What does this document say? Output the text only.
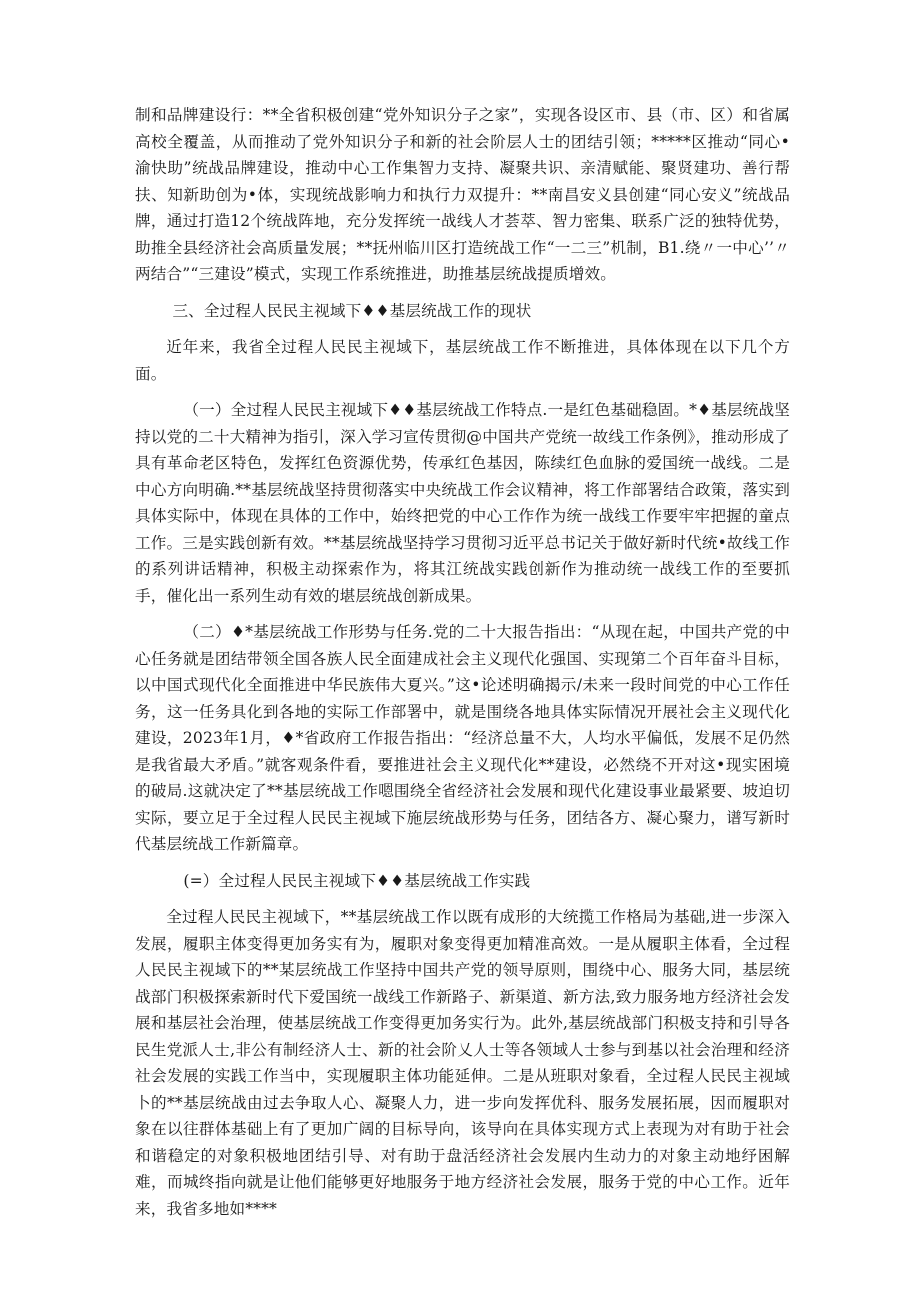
制和品牌建设行：**全省积极创建“党外知识分子之家”，实现各设区市、县（市、区）和省属高校全覆盖，从而推动了党外知识分子和新的社会阶层人士的团结引领；*****区推动“同心•渝快助”统战品牌建设，推动中心工作集智力支持、凝聚共识、亲清赋能、聚贤建功、善行帮扶、知新助创为•体，实现统战影响力和执行力双提升：**南昌安义县创建“同心安义”统战品牌，通过打造12个统战阵地，充分发挥统一战线人才荟萃、智力密集、联系广泛的独特优势，助推全县经济社会高质量发展；**抚州临川区打造统战工作“一二三”机制，B1.绕〃一中心’’〃两结合”“三建设”模式，实现工作系统推进，助推基层统战提质增效。

三、全过程人民民主视域下♦♦基层统战工作的现状

近年来，我省全过程人民民主视域下，基层统战工作不断推进，具体体现在以下几个方面。

（一）全过程人民民主视域下♦♦基层统战工作特点.一是红色基础稳固。*♦基层统战坚持以党的二十大精神为指引，深入学习宣传贯彻@中国共产党统一故线工作条例》，推动形成了具有革命老区特色，发挥红色资源优势，传承红色基因，陈续红色血脉的爱国统一战线。二是中心方向明确.**基层统战坚持贯彻落实中央统战工作会议精神，将工作部署结合政策，落实到具体实际中，体现在具体的工作中，始终把党的中心工作作为统一战线工作要牢牢把握的童点工作。三是实践创新有效。**基层统战坚持学习贯彻习近平总书记关于做好新时代统•故线工作的系列讲话精神，积极主动探索作为，将其江统战实践创新作为推动统一战线工作的至要抓手，催化出一系列生动有效的堪层统战创新成果。

（二）♦*基层统战工作形势与任务.党的二十大报告指出：“从现在起，中国共产党的中心任务就是团结带领全国各族人民全面建成社会主义现代化强国、实现第二个百年奋斗目标，以中国式现代化全面推进中华民族伟大夏兴。”这•论述明确揭示/未来一段时间党的中心工作任务，这一任务具化到各地的实际工作部署中，就是围绕各地具体实际情况开展社会主义现代化建设，2023年1月，♦*省政府工作报告指出：“经济总量不大，人均水平偏低，发展不足仍然是我省最大矛盾。”就客观条件看，要推进社会主义现代化**建设，必然绕不开对这•现实困境的破局.这就决定了**基层统战工作嗯围绕全省经济社会发展和现代化建设事业最紧要、坡迫切实际，要立足于全过程人民民主视域下施层统战形势与任务，团结各方、凝心聚力，谱写新时代基层统战工作新篇章。

(=）全过程人民民主视域下♦♦基层统战工作实践

全过程人民民主视域下，**基层统战工作以既有成形的大统揽工作格局为基础,进一步深入发展，履职主体变得更加务实有为，履职对象变得更加精准高效。一是从履职主体看，全过程人民民主视域下的**某层统战工作坚持中国共产党的领导原则，围绕中心、服务大同，基层统战部门积极探索新时代下爱国统一战线工作新路子、新渠道、新方法,致力服务地方经济社会发展和基层社会治理，使基层统战工作变得更加务实行为。此外,基层统战部门积极支持和引导各民生党派人士,非公有制经济人士、新的社会阶乂人士等各领域人士参与到基以社会治理和经济社会发展的实践工作当中，实现履职主体功能延伸。二是从班职对象看，全过程人民民主视域卜的**基层统战由过去争取人心、凝聚人力，进一步向发挥优科、服务发展拓展，因而履职对象在以往群体基础上有了更加广阔的目标导向，该导向在具体实现方式上表现为对有助于社会和谐稳定的对象积极地团结引导、对有助于盘活经济社会发展内生动力的对象主动地纾困解难，而城终指向就是让他们能够更好地服务于地方经济社会发展，服务于党的中心工作。近年来，我省多地如****
